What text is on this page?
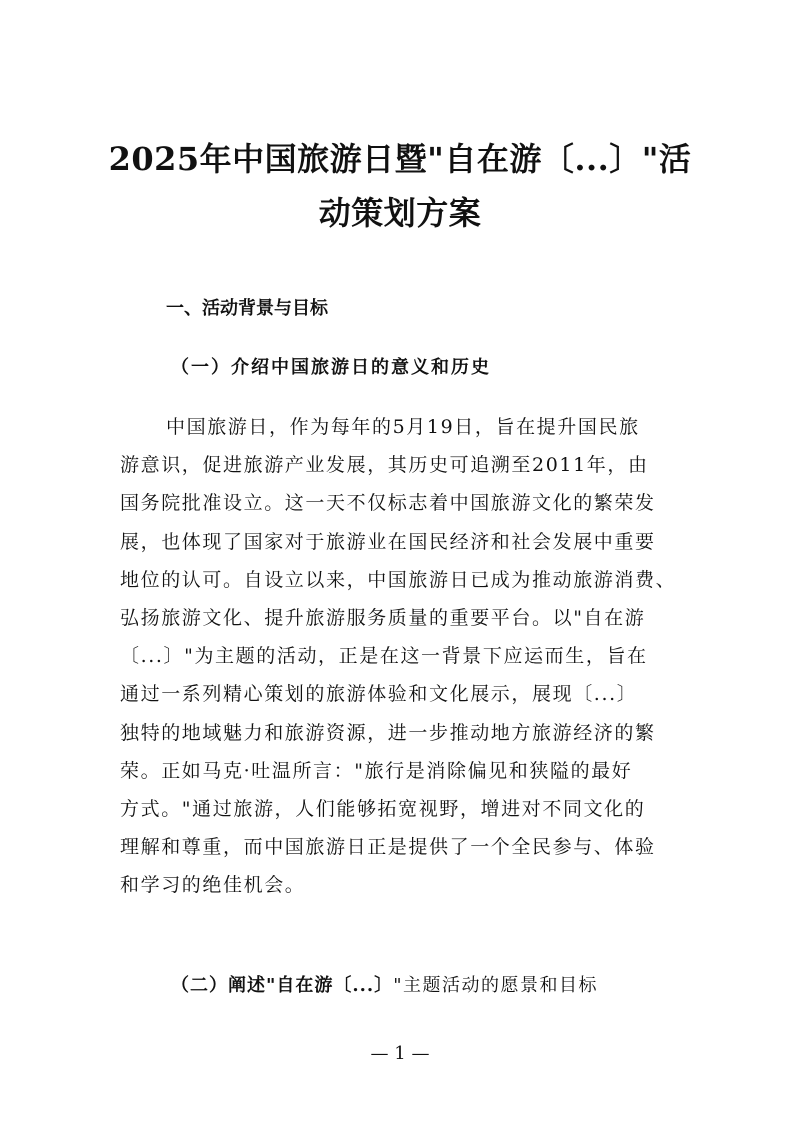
2025年中国旅游日暨"自在游〔...〕"活
动策划方案
一、活动背景与目标
（一）介绍中国旅游日的意义和历史
中国旅游日，作为每年的5月19日，旨在提升国民旅
游意识，促进旅游产业发展，其历史可追溯至2011年，由
国务院批准设立。这一天不仅标志着中国旅游文化的繁荣发
展，也体现了国家对于旅游业在国民经济和社会发展中重要
地位的认可。自设立以来，中国旅游日已成为推动旅游消费、
弘扬旅游文化、提升旅游服务质量的重要平台。以"自在游
〔...〕"为主题的活动，正是在这一背景下应运而生，旨在
通过一系列精心策划的旅游体验和文化展示，展现〔...〕
独特的地域魅力和旅游资源，进一步推动地方旅游经济的繁
荣。正如马克·吐温所言："旅行是消除偏见和狭隘的最好
方式。"通过旅游，人们能够拓宽视野，增进对不同文化的
理解和尊重，而中国旅游日正是提供了一个全民参与、体验
和学习的绝佳机会。
（二）阐述"自在游〔...〕"主题活动的愿景和目标
— 1 —
